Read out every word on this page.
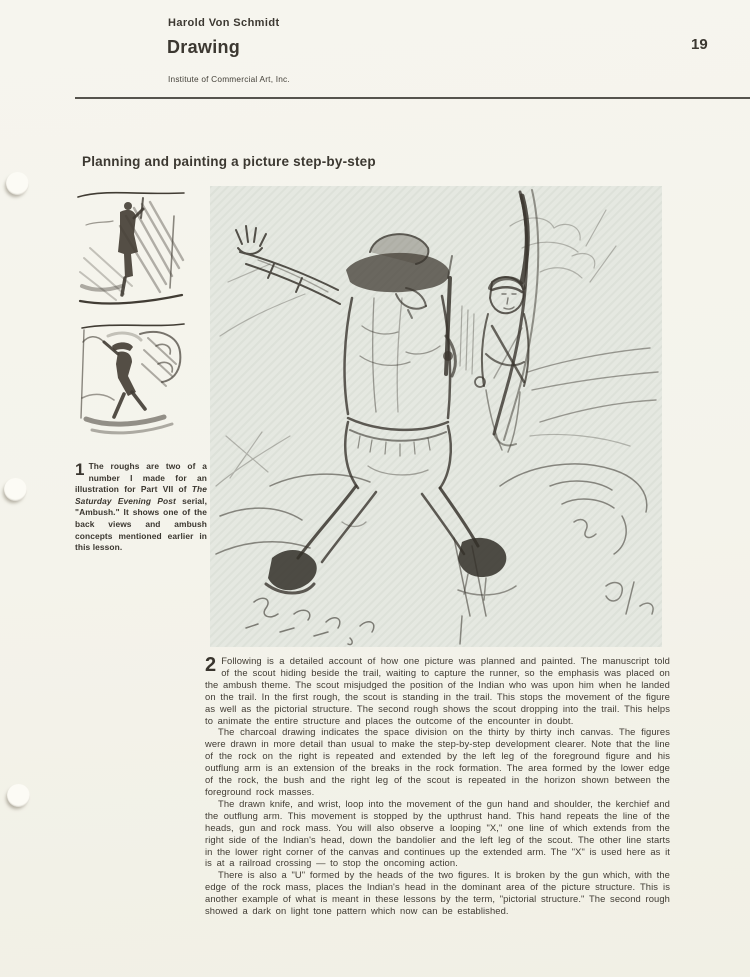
Harold Von Schmidt
Drawing
Institute of Commercial Art, Inc.
19
Planning and painting a picture step-by-step
1 The roughs are two of a number I made for an illustration for Part VII of The Saturday Evening Post serial, "Ambush." It shows one of the back views and ambush concepts mentioned earlier in this lesson.

2 Following is a detailed account of how one picture was planned and painted. The manuscript told of the scout hiding beside the trail, waiting to capture the runner, so the emphasis was placed on the ambush theme. The scout misjudged the position of the Indian who was upon him when he landed on the trail. In the first rough, the scout is standing in the trail. This stops the movement of the figure as well as the pictorial structure. The second rough shows the scout dropping into the trail. This helps to animate the entire structure and places the outcome of the encounter in doubt.

The charcoal drawing indicates the space division on the thirty by thirty inch canvas. The figures were drawn in more detail than usual to make the step-by-step development clearer. Note that the line of the rock on the right is repeated and extended by the left leg of the foreground figure and his outflung arm is an extension of the breaks in the rock formation. The area formed by the lower edge of the rock, the bush and the right leg of the scout is repeated in the horizon shown between the foreground rock masses.

The drawn knife, and wrist, loop into the movement of the gun hand and shoulder, the kerchief and the outflung arm. This movement is stopped by the upthrust hand. This hand repeats the line of the heads, gun and rock mass. You will also observe a looping "X," one line of which extends from the right side of the Indian's head, down the bandolier and the left leg of the scout. The other line starts in the lower right corner of the canvas and continues up the extended arm. The "X" is used here as it is at a railroad crossing — to stop the oncoming action.

There is also a "U" formed by the heads of the two figures. It is broken by the gun which, with the edge of the rock mass, places the Indian's head in the dominant area of the picture structure. This is another example of what is meant in these lessons by the term, "pictorial structure." The second rough showed a dark on light tone pattern which now can be established.
